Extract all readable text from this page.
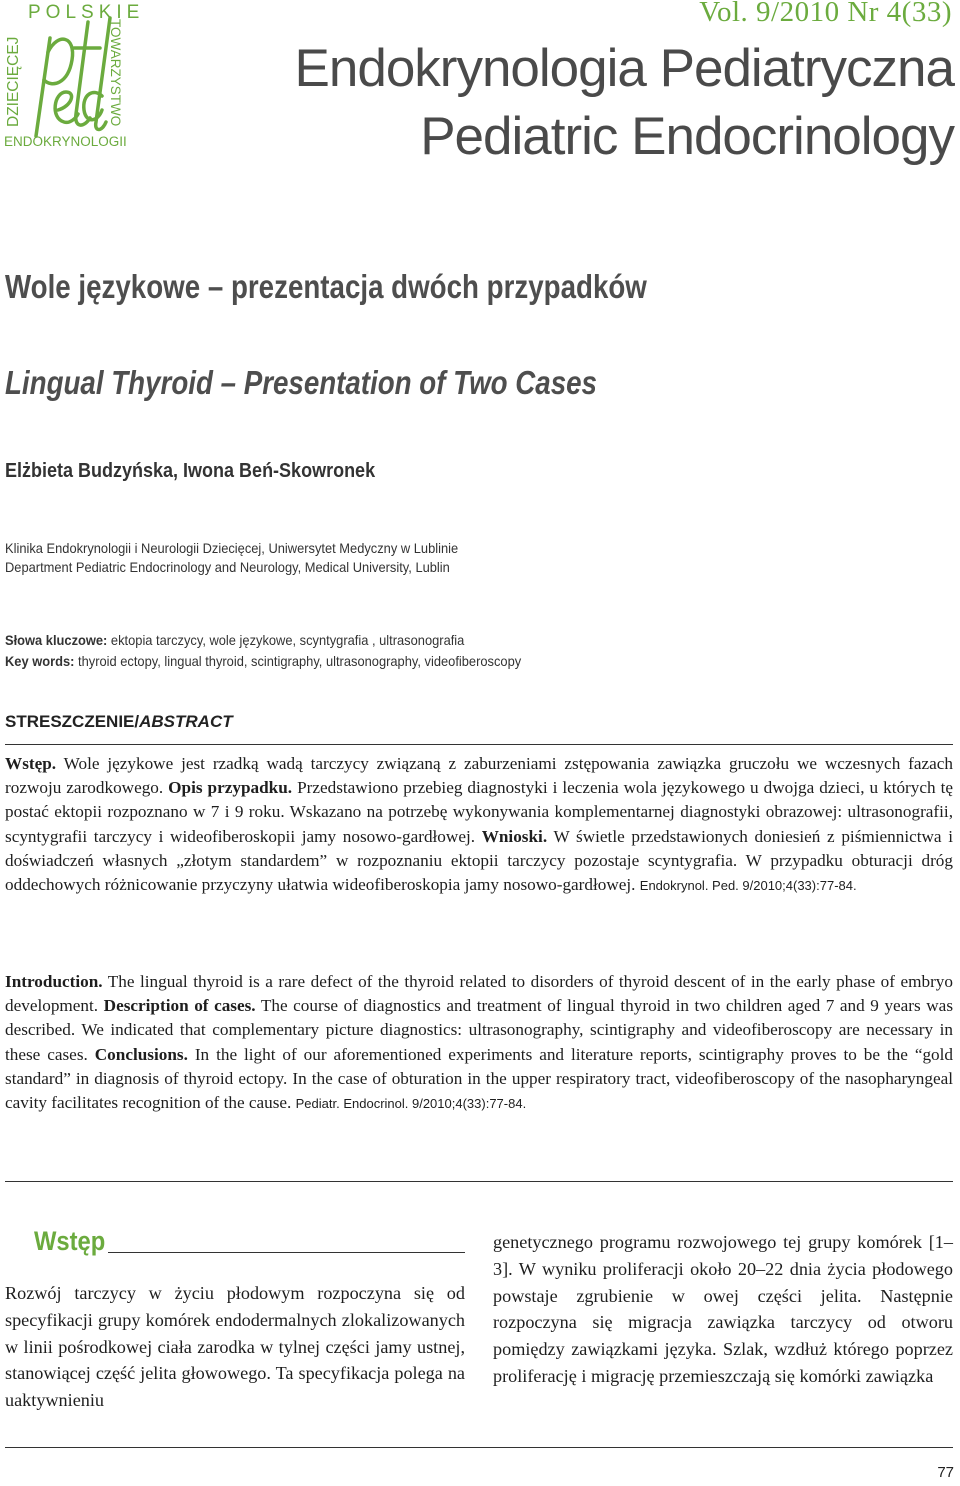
POLSKIE
DZIECIĘCEJ	TOWARZYSTWO
ENDOKRYNOLOGII
Vol. 9/2010 Nr 4(33)
Endokrynologia Pediatryczna
Pediatric Endocrinology
Wole językowe – prezentacja dwóch przypadków
Lingual Thyroid – Presentation of Two Cases
Elżbieta Budzyńska, Iwona Beń-Skowronek
Klinika Endokrynologii i Neurologii Dziecięcej, Uniwersytet Medyczny w Lublinie
Department Pediatric Endocrinology and Neurology, Medical University, Lublin
Słowa kluczowe: ektopia tarczycy, wole językowe, scyntygrafia , ultrasonografia
Key words: thyroid ectopy, lingual thyroid, scintigraphy, ultrasonography, videofiberoscopy
STRESZCZENIE/ABSTRACT
Wstęp. Wole językowe jest rzadką wadą tarczycy związaną z zaburzeniami zstępowania zawiązka gruczołu we wczesnych fazach rozwoju zarodkowego. Opis przypadku. Przedstawiono przebieg diagnostyki i leczenia wola językowego u dwojga dzieci, u których tę postać ektopii rozpoznano w 7 i 9 roku. Wskazano na potrzebę wykonywania komplementarnej diagnostyki obrazowej: ultrasonografii, scyntygrafii tarczycy i wideofiberoskopii jamy nosowo-gardłowej. Wnioski. W świetle przedstawionych doniesień z piśmiennictwa i doświadczeń własnych „złotym standardem” w rozpoznaniu ektopii tarczycy pozostaje scyntygrafia. W przypadku obturacji dróg oddechowych różnicowanie przyczyny ułatwia wideofiberoskopia jamy nosowo-gardłowej. Endokrynol. Ped. 9/2010;4(33):77-84.
Introduction. The lingual thyroid is a rare defect of the thyroid related to disorders of thyroid descent of in the early phase of embryo development. Description of cases. The course of diagnostics and treatment of lingual thyroid in two children aged 7 and 9 years was described. We indicated that complementary picture diagnostics: ultrasonography, scintigraphy and videofiberoscopy are necessary in these cases. Conclusions. In the light of our aforementioned experiments and literature reports, scintigraphy proves to be the “gold standard” in diagnosis of thyroid ectopy. In the case of obturation in the upper respiratory tract, videofiberoscopy of the nasopharyngeal cavity facilitates recognition of the cause. Pediatr. Endocrinol. 9/2010;4(33):77-84.
Wstęp
Rozwój tarczycy w życiu płodowym rozpoczyna się od specyfikacji grupy komórek endodermalnych zlokalizowanych w linii pośrodkowej ciała zarodka w tylnej części jamy ustnej, stanowiącej część jelita głowowego. Ta specyfikacja polega na uaktywnieniu
genetycznego programu rozwojowego tej grupy komórek [1–3]. W wyniku proliferacji około 20–22 dnia życia płodowego powstaje zgrubienie w owej części jelita. Następnie rozpoczyna się migracja zawiązka tarczycy od otworu pomiędzy zawiązkami języka. Szlak, wzdłuż którego poprzez proliferację i migrację przemieszczają się komórki zawiązka
77
